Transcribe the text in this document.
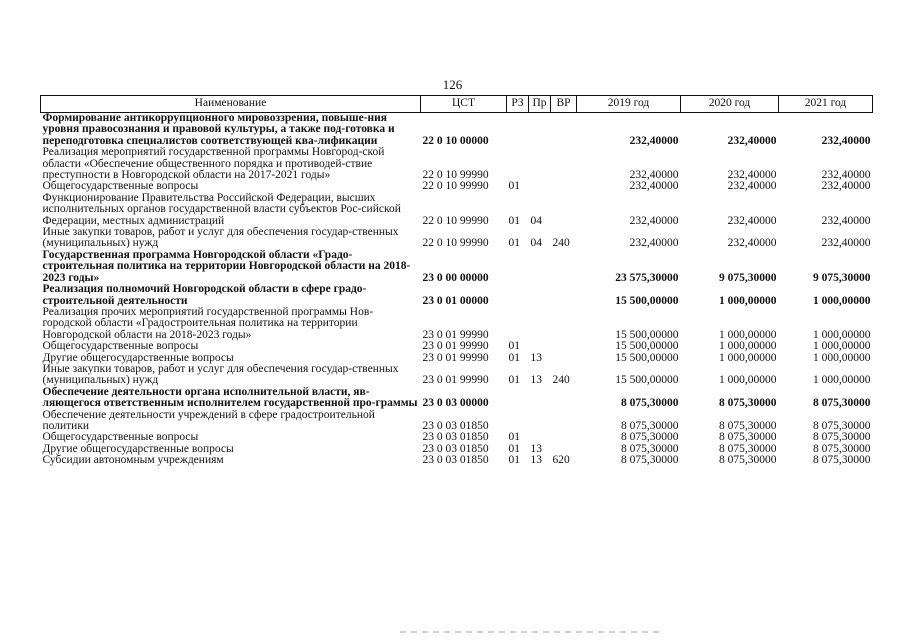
126
Наименование	ЦСТ	РЗ	Пр	ВР	2019 год	2020 год	2021 год
Формирование антикоррупционного мировоззрения, повыше-ния уровня правосознания и правовой культуры, а также под-готовка и переподготовка специалистов соответствующей ква-лификации	22 0 10 00000				232,40000	232,40000	232,40000
Реализация мероприятий государственной программы Новгород-ской области «Обеспечение общественного порядка и противодей-ствие преступности в Новгородской области на 2017-2021 годы»	22 0 10 99990				232,40000	232,40000	232,40000
Общегосударственные вопросы	22 0 10 99990	01			232,40000	232,40000	232,40000
Функционирование Правительства Российской Федерации, высших исполнительных органов государственной власти субъектов Рос-сийской Федерации, местных администраций	22 0 10 99990	01	04		232,40000	232,40000	232,40000
Иные закупки товаров, работ и услуг для обеспечения государ-ственных (муниципальных) нужд	22 0 10 99990	01	04	240	232,40000	232,40000	232,40000
Государственная программа Новгородской области «Градо-строительная политика на территории Новгородской области на 2018-2023 годы»	23 0 00 00000				23 575,30000	9 075,30000	9 075,30000
Реализация полномочий Новгородской области в сфере градо-строительной деятельности	23 0 01 00000				15 500,00000	1 000,00000	1 000,00000
Реализация прочих мероприятий государственной программы Нов-городской области «Градостроительная политика на территории Новгородской области на 2018-2023 годы»	23 0 01 99990				15 500,00000	1 000,00000	1 000,00000
Общегосударственные вопросы	23 0 01 99990	01			15 500,00000	1 000,00000	1 000,00000
Другие общегосударственные вопросы	23 0 01 99990	01	13		15 500,00000	1 000,00000	1 000,00000
Иные закупки товаров, работ и услуг для обеспечения государ-ственных (муниципальных) нужд	23 0 01 99990	01	13	240	15 500,00000	1 000,00000	1 000,00000
Обеспечение деятельности органа исполнительной власти, яв-ляющегося ответственным исполнителем государственной про-граммы	23 0 03 00000				8 075,30000	8 075,30000	8 075,30000
Обеспечение деятельности учреждений в сфере градостроительной политики	23 0 03 01850				8 075,30000	8 075,30000	8 075,30000
Общегосударственные вопросы	23 0 03 01850	01			8 075,30000	8 075,30000	8 075,30000
Другие общегосударственные вопросы	23 0 03 01850	01	13		8 075,30000	8 075,30000	8 075,30000
Субсидии автономным учреждениям	23 0 03 01850	01	13	620	8 075,30000	8 075,30000	8 075,30000
